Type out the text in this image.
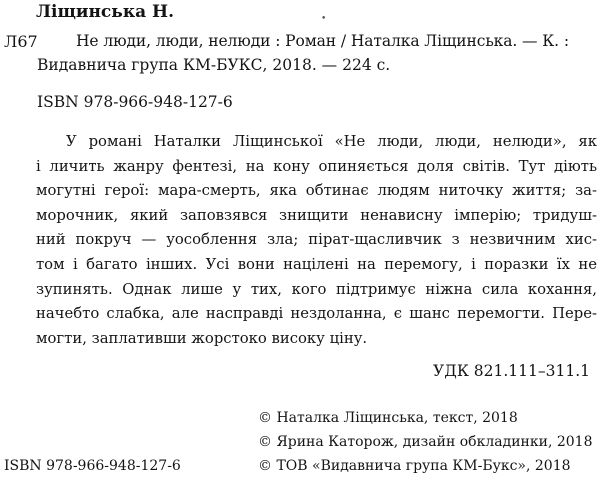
Ліщинська Н.	•
Л67 Не люди, люди, нелюди : Роман / Наталка Ліщинська. — К. :
Видавнича група КМ-БУКС, 2018. — 224 с.
ISBN 978-966-948-127-6
У романі Наталки Ліщинської «Не люди, люди, нелюди», як
і личить жанру фентезі, на кону опиняється доля світів. Тут діють
могутні герої: мара-смерть, яка обтинає людям ниточку життя; за-
морочник, який заповзявся знищити ненависну імперію; тридуш-
ний покруч — уособлення зла; пірат-щасливчик з незвичним хис-
том і багато інших. Усі вони націлені на перемогу, і поразки їх не
зупинять. Однак лише у тих, кого підтримує ніжна сила кохання,
начебто слабка, але насправді нездоланна, є шанс перемогти. Пере-
могти, заплативши жорстоко високу ціну.
УДК 821.111–311.1
© Наталка Ліщинська, текст, 2018
© Ярина Каторож, дизайн обкладинки, 2018
© ТОВ «Видавнича група КМ-Букс», 2018
ISBN 978-966-948-127-6
